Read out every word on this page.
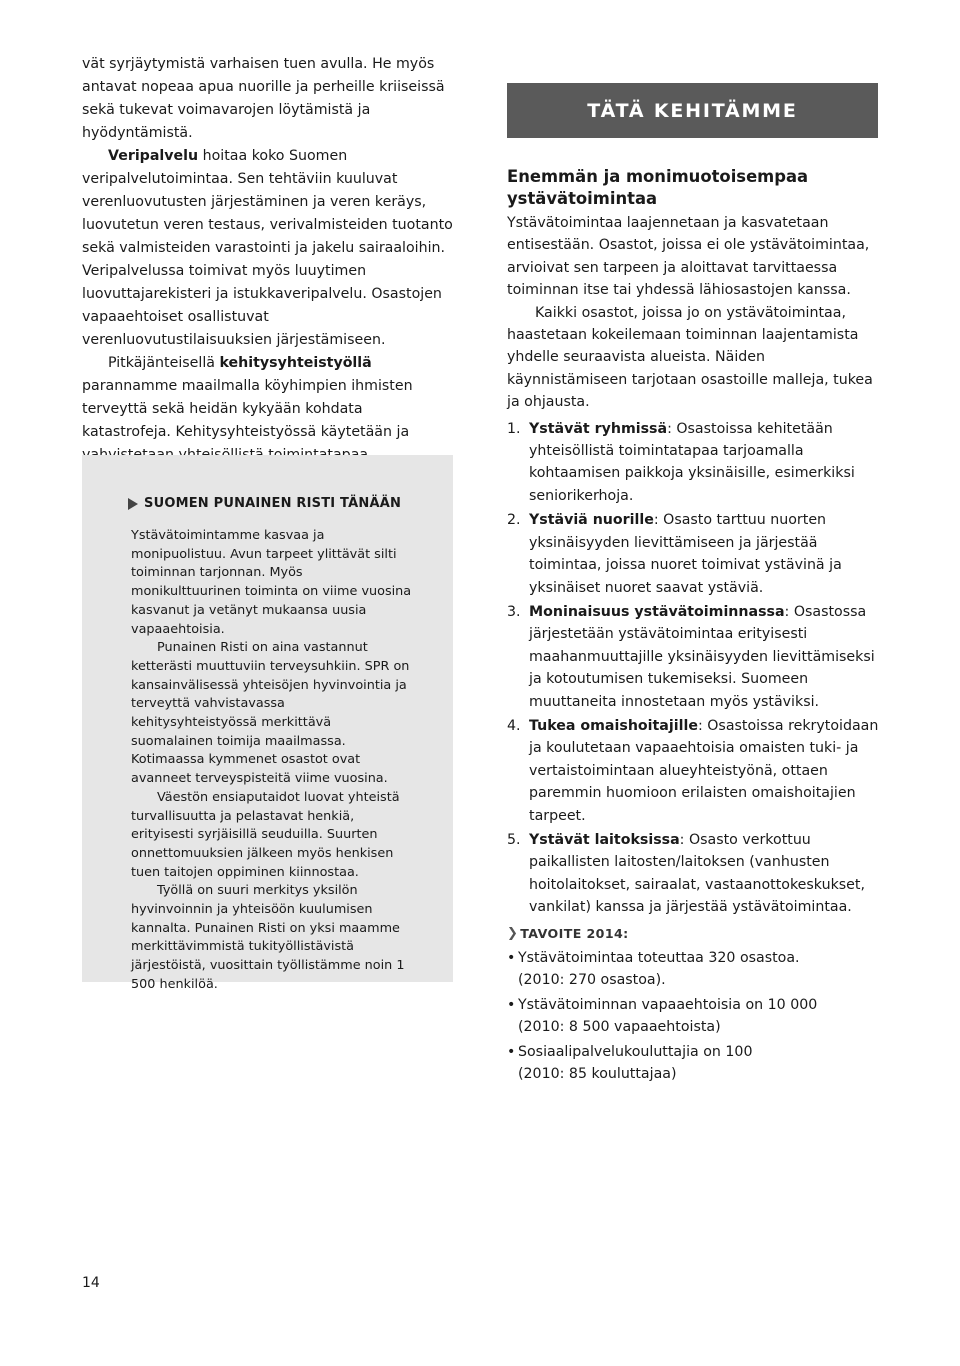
vät syrjäytymistä varhaisen tuen avulla. He myös antavat nopeaa apua nuorille ja perheille kriiseissä sekä tukevat voimavarojen löytämistä ja hyödyntämistä.

Veripalvelu hoitaa koko Suomen veripalvelutoimintaa. Sen tehtäviin kuuluvat verenluovutusten järjestäminen ja veren keräys, luovutetun veren testaus, verivalmisteiden tuotanto sekä valmisteiden varastointi ja jakelu sairaaloihin. Veripalvelussa toimivat myös luuytimen luovuttajarekisteri ja istukkaveripalvelu. Osastojen vapaaehtoiset osallistuvat verenluovutustilaisuuksien järjestämiseen.

Pitkäjänteisellä kehitysyhteistyöllä parannamme maailmalla köyhimpien ihmisten terveyttä sekä heidän kykyään kohdata katastrofeja. Kehitysyhteistyössä käytetään ja

SUOMEN PUNAINEN RISTI TÄNÄÄN

Ystävätoimintamme kasvaa ja monipuolistuu. Avun tarpeet ylittävät silti toiminnan tarjonnan. Myös monikulttuurinen toiminta on viime vuosina kasvanut ja vetänyt mukaansa uusia vapaaehtoisia.

Punainen Risti on aina vastannut ketterästi muuttuviin terveysuhkiin. SPR on kansainvälisessä yhteisöjen hyvinvointia ja terveyttä vahvistavassa kehitysyhteistyössä merkittävä suomalainen toimija maailmassa. Kotimaassa kymmenet osastot ovat avanneet terveyspisteitä viime vuosina.

Väestön ensiaputaidot luovat yhteistä turvallisuutta ja pelastavat henkiä, erityisesti syrjäisillä seuduilla. Suurten onnettomuuksien jälkeen myös henkisen tuen taitojen oppiminen kiinnostaa.

Työllä on suuri merkitys yksilön hyvinvoinnin ja yhteisöön kuulumisen kannalta. Punainen Risti on yksi maamme merkittävimmistä tukityöllistävistä järjestöistä, vuosittain työllistämme noin 1 500 henkilöä.

TÄTÄ KEHITÄMME
Enemmän ja monimuotoisempaa ystävätoimintaa

Ystävätoimintaa laajennetaan ja kasvatetaan entisestään. Osastot, joissa ei ole ystävätoimintaa, arvioivat sen tarpeen ja aloittavat tarvittaessa toiminnan itse tai yhdessä lähiosastojen kanssa.

Kaikki osastot, joissa jo on ystävätoimintaa, haastetaan kokeilemaan toiminnan laajentamista yhdelle seuraavista alueista. Näiden käynnistämiseen tarjotaan osastoille malleja, tukea ja ohjausta.

1. Ystävät ryhmissä: Osastoissa kehitetään yhteisöllistä toimintatapaa tarjoamalla kohtaamisen paikkoja yksinäisille, esimerkiksi seniorikerhoja.
2. Ystäviä nuorille: Osasto tarttuu nuorten yksinäisyyden lievittämiseen ja järjestää toimintaa, joissa nuoret toimivat ystävinä ja yksinäiset nuoret saavat ystäviä.
3. Moninaisuus ystävätoiminnassa: Osastossa järjestetään ystävätoimintaa erityisesti maahanmuuttajille yksinäisyyden lievittämiseksi ja kotoutumisen tukemiseksi. Suomeen muuttaneita innostetaan myös ystäviksi.
4. Tukea omaishoitajille: Osastoissa rekrytoidaan ja koulutetaan vapaaehtoisia omaisten tuki- ja vertaistoimintaan alueyhteistyönä, ottaen paremmin huomioon erilaisten omaishoitajien tarpeet.
5. Ystävät laitoksissa: Osasto verkottuu paikallisten laitosten/laitoksen (vanhusten hoitolaitokset, sairaalat, vastaanottokeskukset, vankilat) kanssa ja järjestää ystävätoimintaa.
❯ TAVOITE 2014:
• Ystävätoimintaa toteuttaa 320 osastoa.
(2010: 270 osastoa).
• Ystävätoiminnan vapaaehtoisia on 10 000
(2010: 8 500 vapaaehtoista)
• Sosiaalipalvelukouluttajia on 100
(2010: 85 kouluttajaa)
14
